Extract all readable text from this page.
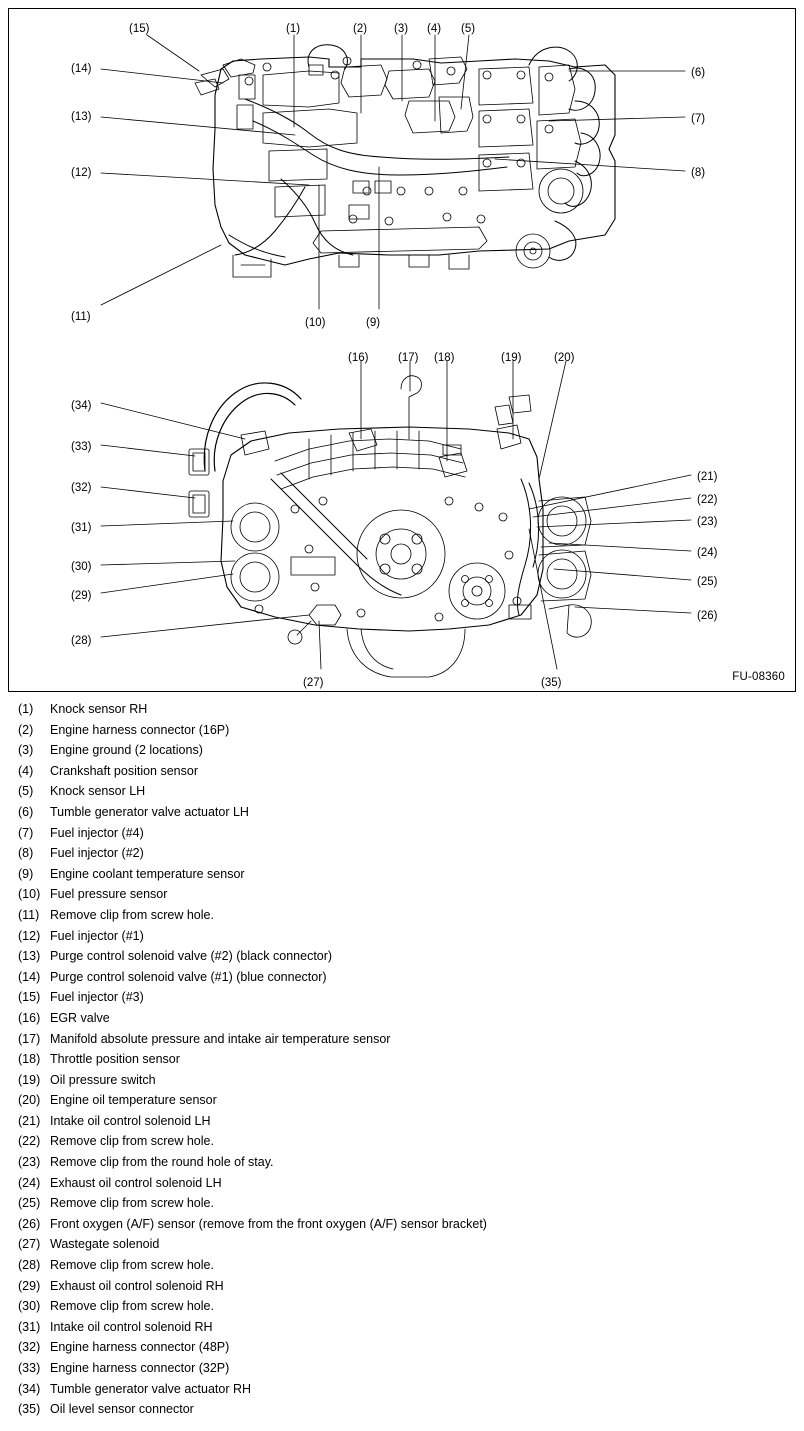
(15)	(1)	(2) (3) (4) (5)
(14)
(13)
(12)
(11)
(6)
(7)
(8)
(10)	(9)
(16)	(17) (18)	(19)	(20)
(34)
(33)
(32)
(31)
(30)
(29)
(28)
(21)
(22)
(23)
(24)
(25)
(26)
(27)	(35)	FU-08360
(1)	Knock sensor RH
(2)	Engine harness connector (16P)
(3)	Engine ground (2 locations)
(4)	Crankshaft position sensor
(5)	Knock sensor LH
(6)	Tumble generator valve actuator LH
(7)	Fuel injector (#4)
(8)	Fuel injector (#2)
(9)	Engine coolant temperature sensor
(10) Fuel pressure sensor
(11) Remove clip from screw hole.
(12) Fuel injector (#1)
(13) Purge control solenoid valve (#2) (black connector)
(14) Purge control solenoid valve (#1) (blue connector)
(15) Fuel injector (#3)
(16) EGR valve
(17) Manifold absolute pressure and intake air temperature sensor
(18) Throttle position sensor
(19) Oil pressure switch
(20) Engine oil temperature sensor
(21) Intake oil control solenoid LH
(22) Remove clip from screw hole.
(23) Remove clip from the round hole of stay.
(24) Exhaust oil control solenoid LH
(25) Remove clip from screw hole.
(26) Front oxygen (A/F) sensor (remove from the front oxygen (A/F) sensor bracket)
(27) Wastegate solenoid
(28) Remove clip from screw hole.
(29) Exhaust oil control solenoid RH
(30) Remove clip from screw hole.
(31) Intake oil control solenoid RH
(32) Engine harness connector (48P)
(33) Engine harness connector (32P)
(34) Tumble generator valve actuator RH
(35) Oil level sensor connector
